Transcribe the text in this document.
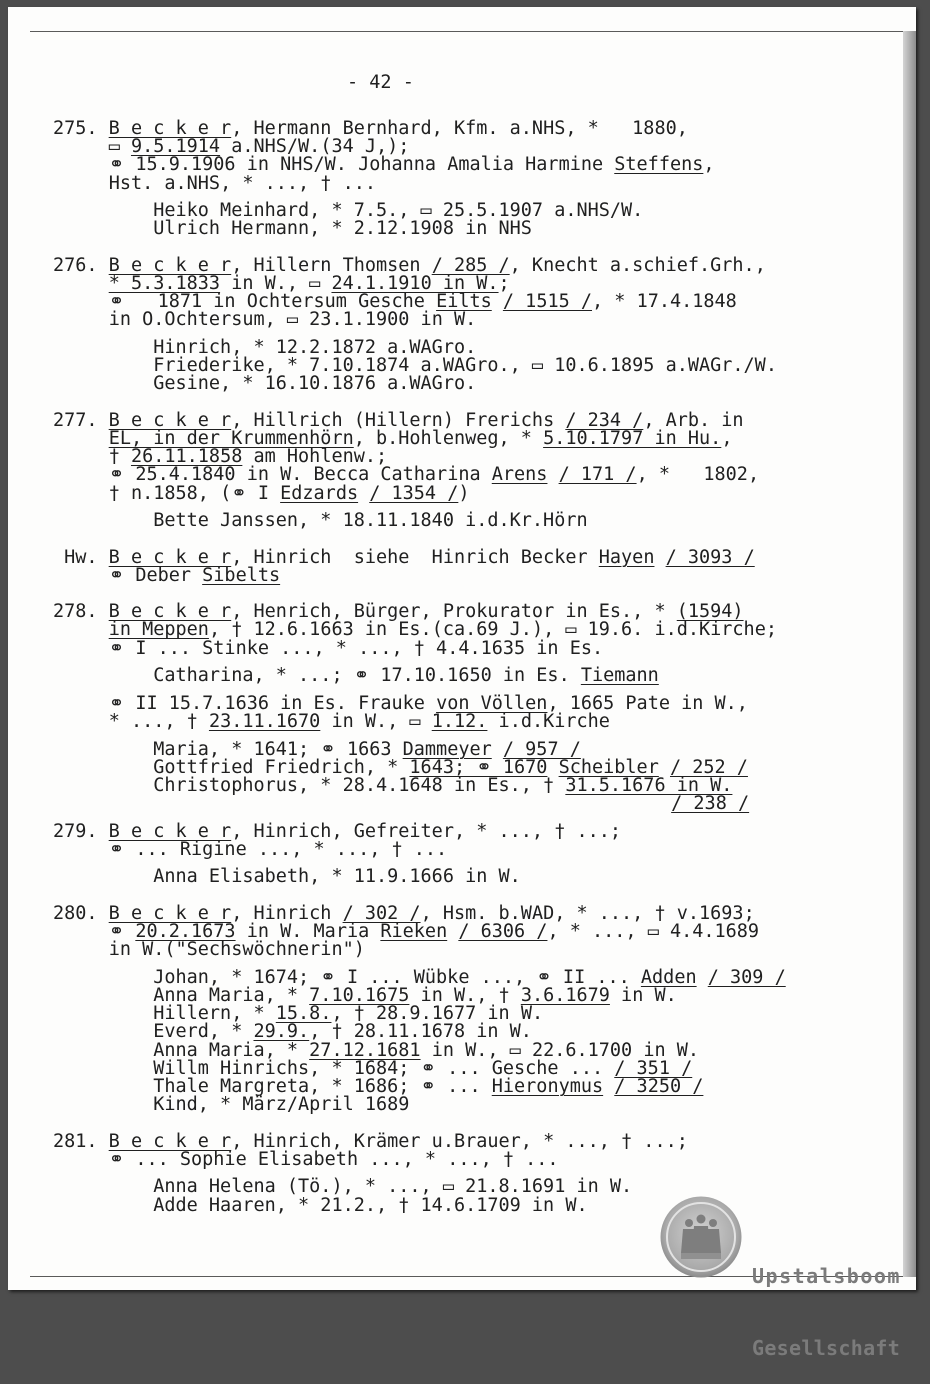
- 42 -
275. B e c k e r, Hermann Bernhard, Kfm. a.NHS, *   1880,
▭ 9.5.1914 a.NHS/W.(34 J,);
⚭ 15.9.1906 in NHS/W. Johanna Amalia Harmine Steffens,
Hst. a.NHS, * ..., † ...
Heiko Meinhard, * 7.5., ▭ 25.5.1907 a.NHS/W.
Ulrich Hermann, * 2.12.1908 in NHS
276. B e c k e r, Hillern Thomsen / 285 /, Knecht a.schief.Grh.,
* 5.3.1833 in W., ▭ 24.1.1910 in W.;
⚭   1871 in Ochtersum Gesche Eilts / 1515 /, * 17.4.1848
in O.Ochtersum, ▭ 23.1.1900 in W.
Hinrich, * 12.2.1872 a.WAGro.
Friederike, * 7.10.1874 a.WAGro., ▭ 10.6.1895 a.WAGr./W.
Gesine, * 16.10.1876 a.WAGro.
277. B e c k e r, Hillrich (Hillern) Frerichs / 234 /, Arb. in
EL, in der Krummenhörn, b.Hohlenweg, * 5.10.1797 in Hu.,
† 26.11.1858 am Hohlenw.;
⚭ 25.4.1840 in W. Becca Catharina Arens / 171 /, *   1802,
† n.1858, (⚭ I Edzards / 1354 /)
Bette Janssen, * 18.11.1840 i.d.Kr.Hörn
Hw. B e c k e r, Hinrich  siehe  Hinrich Becker Hayen / 3093 /
⚭ Deber Sibelts
278. B e c k e r, Henrich, Bürger, Prokurator in Es., * (1594)
in Meppen, † 12.6.1663 in Es.(ca.69 J.), ▭ 19.6. i.d.Kirche;
⚭ I ... Stinke ..., * ..., † 4.4.1635 in Es.
Catharina, * ...; ⚭ 17.10.1650 in Es. Tiemann
⚭ II 15.7.1636 in Es. Frauke von Völlen, 1665 Pate in W.,
* ..., † 23.11.1670 in W., ▭ 1.12. i.d.Kirche
Maria, * 1641; ⚭ 1663 Dammeyer / 957 /
Gottfried Friedrich, * 1643; ⚭ 1670 Scheibler / 252 /
Christophorus, * 28.4.1648 in Es., † 31.5.1676 in W.
/ 238 /
279. B e c k e r, Hinrich, Gefreiter, * ..., † ...;
⚭ ... Rigine ..., * ..., † ...
Anna Elisabeth, * 11.9.1666 in W.
280. B e c k e r, Hinrich / 302 /, Hsm. b.WAD, * ..., † v.1693;
⚭ 20.2.1673 in W. Maria Rieken / 6306 /, * ..., ▭ 4.4.1689
in W.("Sechswöchnerin")
Johan, * 1674; ⚭ I ... Wübke ..., ⚭ II ... Adden / 309 /
Anna Maria, * 7.10.1675 in W., † 3.6.1679 in W.
Hillern, * 15.8., † 28.9.1677 in W.
Everd, * 29.9., † 28.11.1678 in W.
Anna Maria, * 27.12.1681 in W., ▭ 22.6.1700 in W.
Willm Hinrichs, * 1684; ⚭ ... Gesche ... / 351 /
Thale Margreta, * 1686; ⚭ ... Hieronymus / 3250 /
Kind, * März/April 1689
281. B e c k e r, Hinrich, Krämer u.Brauer, * ..., † ...;
⚭ ... Sophie Elisabeth ..., * ..., † ...
Anna Helena (Tö.), * ..., ▭ 21.8.1691 in W.
Adde Haaren, * 21.2., † 14.6.1709 in W.

Upstalsboom

Gesellschaft
